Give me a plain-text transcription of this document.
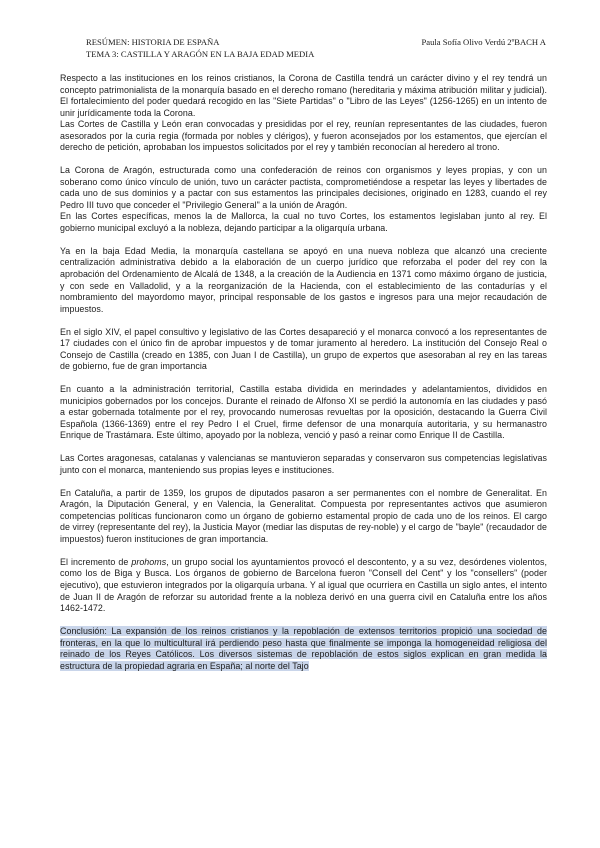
RESÚMEN: HISTORIA DE ESPAÑA	Paula Sofía Olivo Verdú 2ºBACH A
TEMA 3: CASTILLA Y ARAGÓN EN LA BAJA EDAD MEDIA

Respecto a las instituciones en los reinos cristianos, la Corona de Castilla tendrá un carácter divino y el rey tendrá un concepto patrimonialista de la monarquía basado en el derecho romano (hereditaria y máxima atribución militar y judicial). El fortalecimiento del poder quedará recogido en las "Siete Partidas" o "Libro de las Leyes" (1256-1265) en un intento de unir jurídicamente toda la Corona.

Las Cortes de Castilla y León eran convocadas y presididas por el rey, reunían representantes de las ciudades, fueron asesorados por la curia regia (formada por nobles y clérigos), y fueron aconsejados por los estamentos, que ejercían el derecho de petición, aprobaban los impuestos solicitados por el rey y también reconocían al heredero al trono.

La Corona de Aragón, estructurada como una confederación de reinos con organismos y leyes propias, y con un soberano como único vínculo de unión, tuvo un carácter pactista, comprometiéndose a respetar las leyes y libertades de cada uno de sus dominios y a pactar con sus estamentos las principales decisiones, originado en 1283, cuando el rey Pedro III tuvo que conceder el "Privilegio General" a la unión de Aragón.

En las Cortes específicas, menos la de Mallorca, la cual no tuvo Cortes, los estamentos legislaban junto al rey. El gobierno municipal excluyó a la nobleza, dejando participar a la oligarquía urbana.

Ya en la baja Edad Media, la monarquía castellana se apoyó en una nueva nobleza que alcanzó una creciente centralización administrativa debido a la elaboración de un cuerpo jurídico que reforzaba el poder del rey con la aprobación del Ordenamiento de Alcalá de 1348, a la creación de la Audiencia en 1371 como máximo órgano de justicia, y con sede en Valladolid, y a la reorganización de la Hacienda, con el establecimiento de las contadurías y el nombramiento del mayordomo mayor, principal responsable de los gastos e ingresos para una mejor recaudación de impuestos.

En el siglo XIV, el papel consultivo y legislativo de las Cortes desapareció y el monarca convocó a los representantes de 17 ciudades con el único fin de aprobar impuestos y de tomar juramento al heredero. La institución del Consejo Real o Consejo de Castilla (creado en 1385, con Juan I de Castilla), un grupo de expertos que asesoraban al rey en las tareas de gobierno, fue de gran importancia

En cuanto a la administración territorial, Castilla estaba dividida en merindades y adelantamientos, divididos en municipios gobernados por los concejos. Durante el reinado de Alfonso XI se perdió la autonomía en las ciudades y pasó a estar gobernada totalmente por el rey, provocando numerosas revueltas por la oposición, destacando la Guerra Civil Española (1366-1369) entre el rey Pedro I el Cruel, firme defensor de una monarquía autoritaria, y su hermanastro Enrique de Trastámara. Este último, apoyado por la nobleza, venció y pasó a reinar como Enrique II de Castilla.

Las Cortes aragonesas, catalanas y valencianas se mantuvieron separadas y conservaron sus competencias legislativas junto con el monarca, manteniendo sus propias leyes e instituciones.

En Cataluña, a partir de 1359, los grupos de diputados pasaron a ser permanentes con el nombre de Generalitat. En Aragón, la Diputación General, y en Valencia, la Generalitat. Compuesta por representantes activos que asumieron competencias políticas funcionaron como un órgano de gobierno estamental propio de cada uno de los reinos. El cargo de virrey (representante del rey), la Justicia Mayor (mediar las disputas de rey-noble) y el cargo de "bayle" (recaudador de impuestos) fueron instituciones de gran importancia.

El incremento de prohoms, un grupo social los ayuntamientos provocó el descontento, y a su vez, desórdenes violentos, como los de Biga y Busca. Los órganos de gobierno de Barcelona fueron "Consell del Cent" y los "consellers" (poder ejecutivo), que estuvieron integrados por la oligarquía urbana. Y al igual que ocurriera en Castilla un siglo antes, el intento de Juan II de Aragón de reforzar su autoridad frente a la nobleza derivó en una guerra civil en Cataluña entre los años 1462-1472.

Conclusión: La expansión de los reinos cristianos y la repoblación de extensos territorios propició una sociedad de fronteras, en la que lo multicultural irá perdiendo peso hasta que finalmente se imponga la homogeneidad religiosa del reinado de los Reyes Católicos. Los diversos sistemas de repoblación de estos siglos explican en gran medida la estructura de la propiedad agraria en España; al norte del Tajo
